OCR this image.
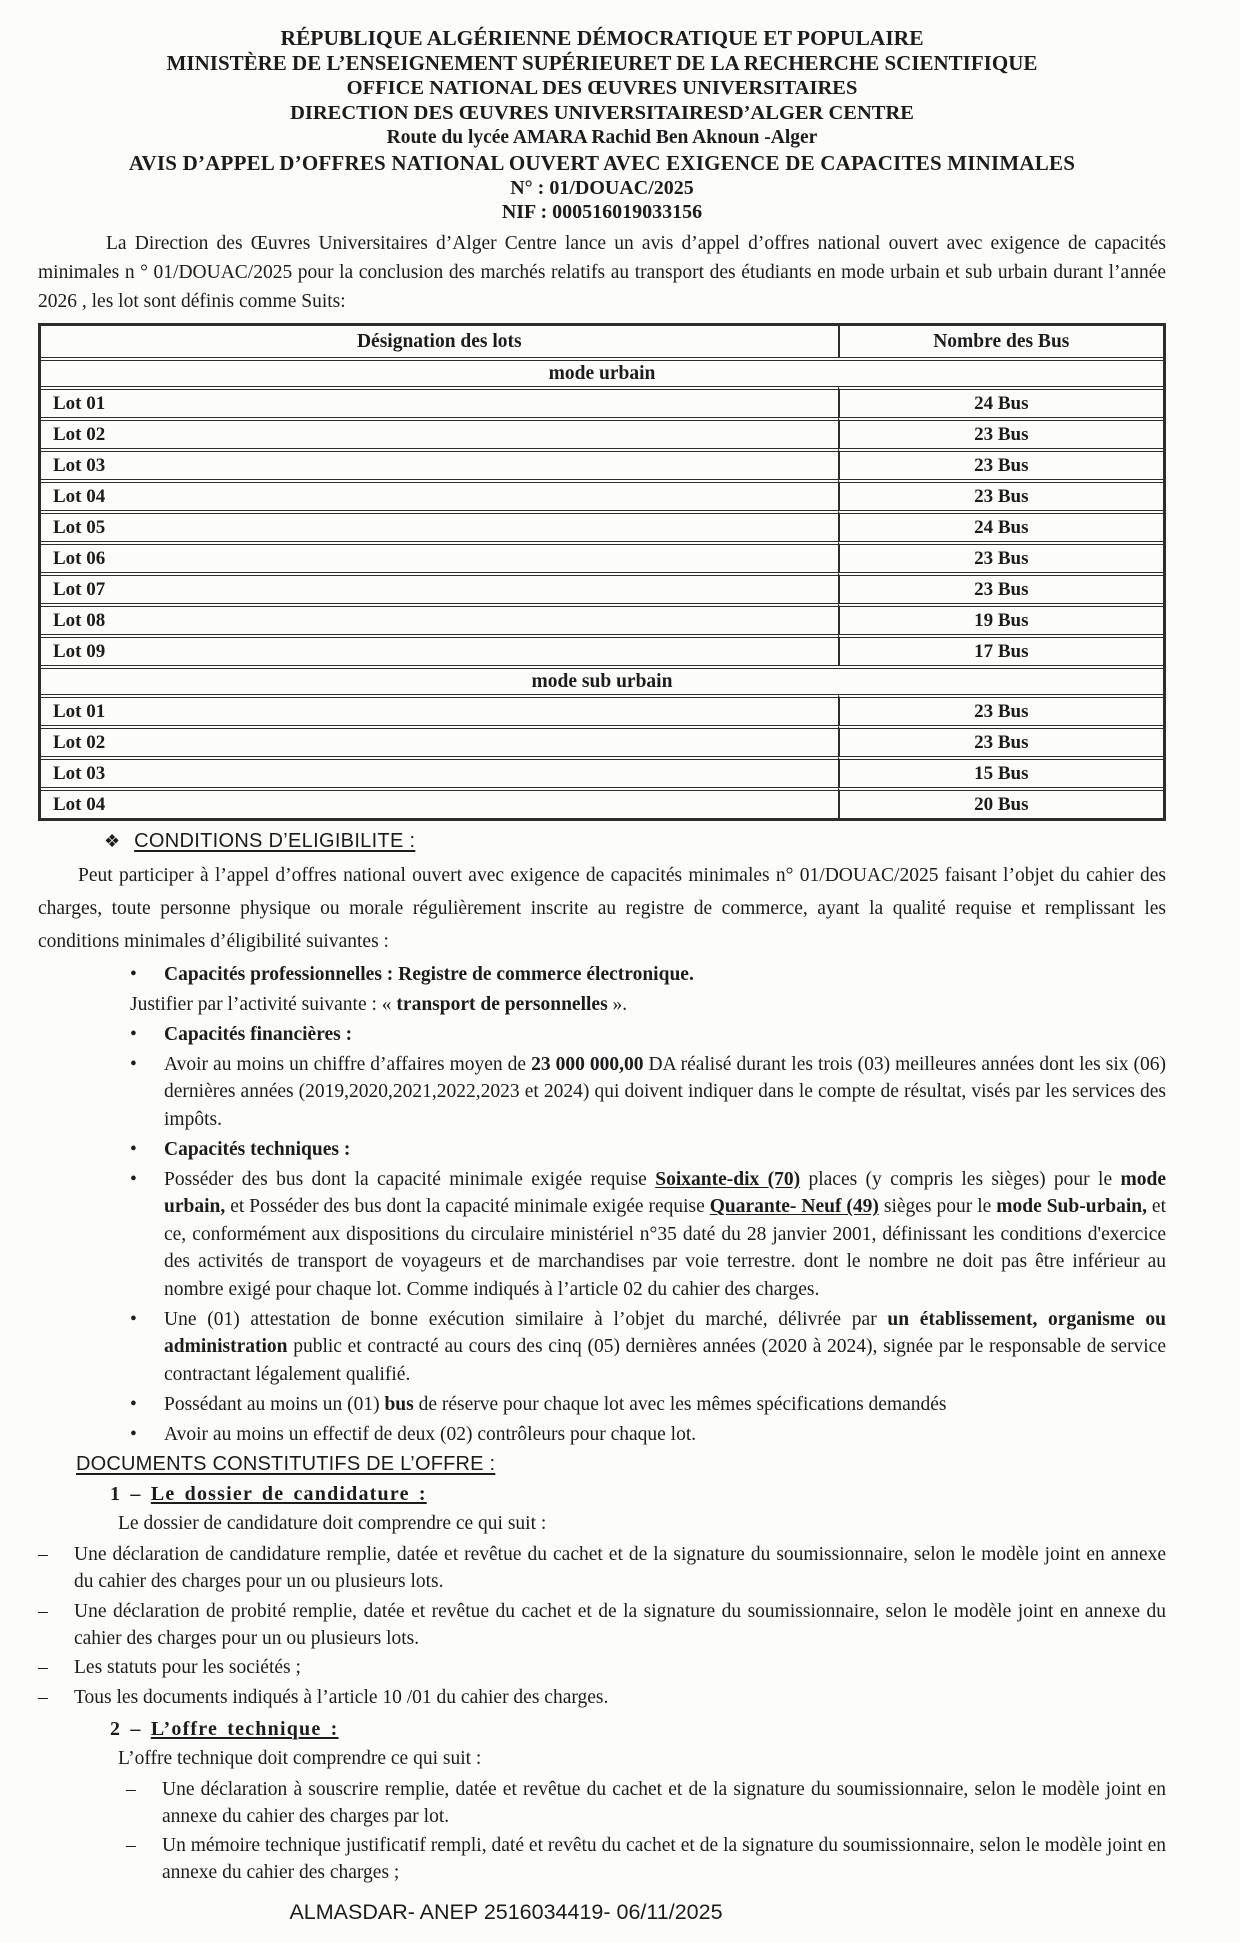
RÉPUBLIQUE ALGÉRIENNE DÉMOCRATIQUE ET POPULAIRE
MINISTÈRE DE L’ENSEIGNEMENT SUPÉRIEURET DE LA RECHERCHE SCIENTIFIQUE
OFFICE NATIONAL DES ŒUVRES UNIVERSITAIRES
DIRECTION DES ŒUVRES UNIVERSITAIRESD’ALGER CENTRE
Route du lycée AMARA Rachid Ben Aknoun -Alger
AVIS D’APPEL D’OFFRES NATIONAL OUVERT AVEC EXIGENCE DE CAPACITES MINIMALES
N° : 01/DOUAC/2025
NIF : 000516019033156

La Direction des Œuvres Universitaires d’Alger Centre lance un avis d’appel d’offres national ouvert avec exigence de capacités minimales n ° 01/DOUAC/2025 pour la conclusion des marchés relatifs au transport des étudiants en mode urbain et sub urbain durant l’année 2026 , les lot sont définis comme Suits:

Désignation des lots	Nombre des Bus
mode urbain	
Lot 01	24 Bus
Lot 02	23 Bus
Lot 03	23 Bus
Lot 04	23 Bus
Lot 05	24 Bus
Lot 06	23 Bus
Lot 07	23 Bus
Lot 08	19 Bus
Lot 09	17 Bus
mode sub urbain	
Lot 01	23 Bus
Lot 02	23 Bus
Lot 03	15 Bus
Lot 04	20 Bus
❖ CONDITIONS D’ELIGIBILITE :

Peut participer à l’appel d’offres national ouvert avec exigence de capacités minimales n° 01/DOUAC/2025 faisant l’objet du cahier des charges, toute personne physique ou morale régulièrement inscrite au registre de commerce, ayant la qualité requise et remplissant les conditions minimales d’éligibilité suivantes :

•	Capacités professionnelles : Registre de commerce électronique.
Justifier par l’activité suivante : « transport de personnelles ».
•	Capacités financières :
•	Avoir au moins un chiffre d’affaires moyen de 23 000 000,00 DA réalisé durant les trois (03) meilleures années dont les six (06) dernières années (2019,2020,2021,2022,2023 et 2024) qui doivent indiquer dans le compte de résultat, visés par les services des impôts.
•	Capacités techniques :
•	Posséder des bus dont la capacité minimale exigée requise Soixante-dix (70) places (y compris les sièges) pour le mode urbain, et Posséder des bus dont la capacité minimale exigée requise Quarante- Neuf (49) sièges pour le mode Sub-urbain, et ce, conformément aux dispositions du circulaire ministériel n°35 daté du 28 janvier 2001, définissant les conditions d'exercice des activités de transport de voyageurs et de marchandises par voie terrestre. dont le nombre ne doit pas être inférieur au nombre exigé pour chaque lot. Comme indiqués à l’article 02 du cahier des charges.
•	Une (01) attestation de bonne exécution similaire à l’objet du marché, délivrée par un établissement, organisme ou administration public et contracté au cours des cinq (05) dernières années (2020 à 2024), signée par le responsable de service contractant légalement qualifié.
•	Possédant au moins un (01) bus de réserve pour chaque lot avec les mêmes spécifications demandés
•	Avoir au moins un effectif de deux (02) contrôleurs pour chaque lot.
DOCUMENTS CONSTITUTIFS DE L’OFFRE :
1 – Le dossier de candidature :

Le dossier de candidature doit comprendre ce qui suit :

–	Une déclaration de candidature remplie, datée et revêtue du cachet et de la signature du soumissionnaire, selon le modèle joint en annexe du cahier des charges pour un ou plusieurs lots.
–	Une déclaration de probité remplie, datée et revêtue du cachet et de la signature du soumissionnaire, selon le modèle joint en annexe du cahier des charges pour un ou plusieurs lots.
–	Les statuts pour les sociétés ;
–	Tous les documents indiqués à l’article 10 /01 du cahier des charges.
2 – L’offre technique :

L’offre technique doit comprendre ce qui suit :

–	Une déclaration à souscrire remplie, datée et revêtue du cachet et de la signature du soumissionnaire, selon le modèle joint en annexe du cahier des charges par lot.
–	Un mémoire technique justificatif rempli, daté et revêtu du cachet et de la signature du soumissionnaire, selon le modèle joint en annexe du cahier des charges ;
ALMASDAR- ANEP 2516034419- 06/11/2025
